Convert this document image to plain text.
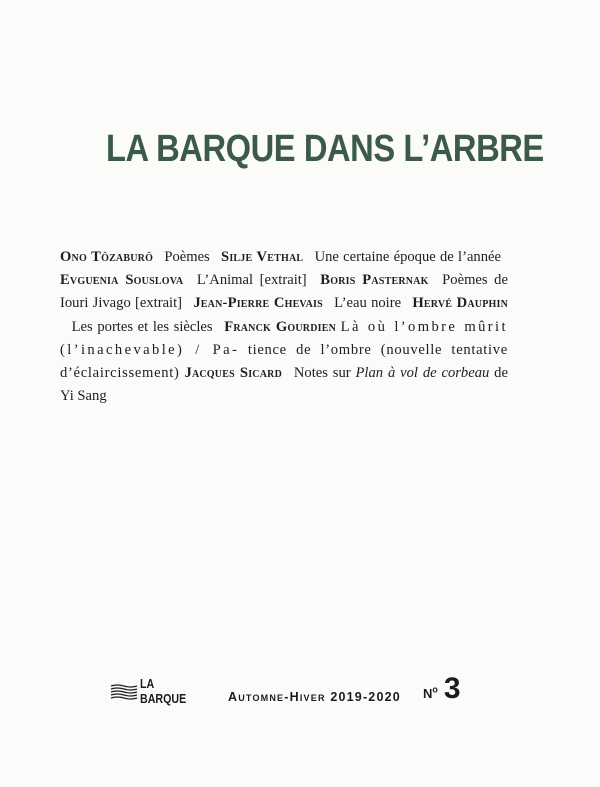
LA BARQUE DANS L’ARBRE
Ono Tôzaburô Poèmes Silje Vethal Une certaine époque de l’année Evguenia Souslova L’Animal [extrait] Boris Pasternak Poèmes de Iouri Jivago [extrait] Jean-Pierre Chevais L’eau noire Hervé Dauphin Les portes et les siècles Franck Gourdien Là où l’ombre mûrit (l’inachevable) / Pa- tience de l’ombre (nouvelle tentative d’éclaircissement) Jacques Sicard Notes sur Plan à vol de corbeau de Yi Sang
LA
BARQUE	Automne-Hiver 2019-2020 $N^o$ 3
